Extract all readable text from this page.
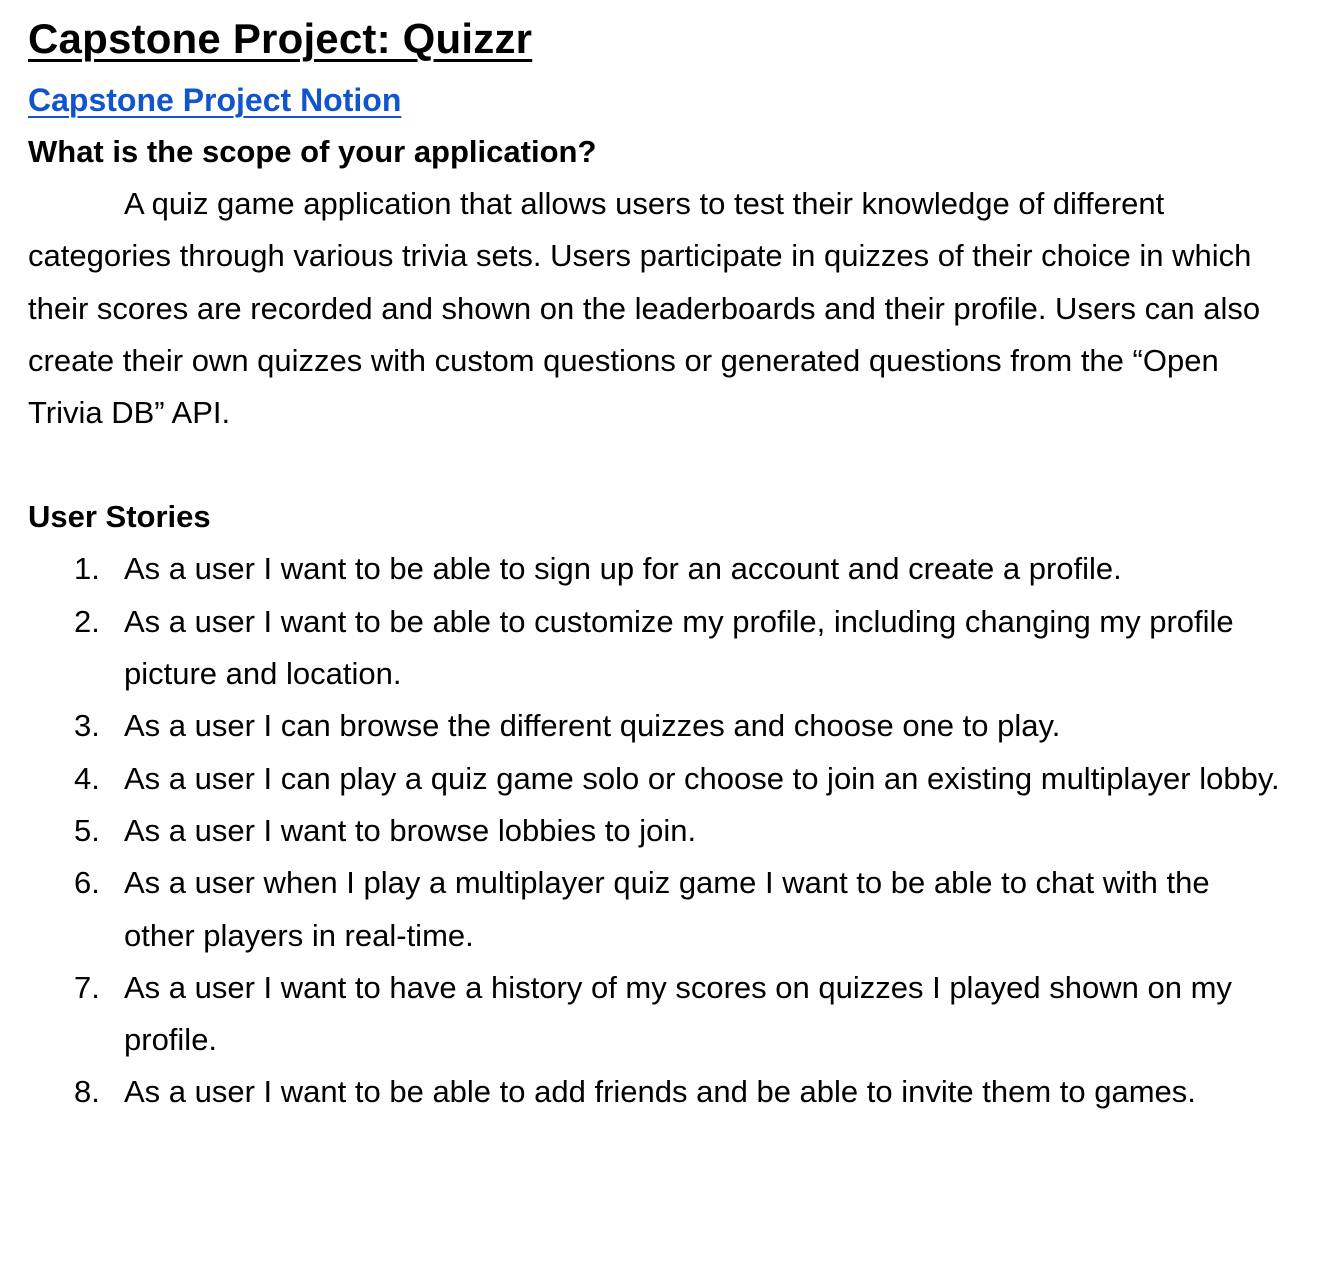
Capstone Project: Quizzr
Capstone Project Notion
What is the scope of your application?

A quiz game application that allows users to test their knowledge of different categories through various trivia sets. Users participate in quizzes of their choice in which their scores are recorded and shown on the leaderboards and their profile. Users can also create their own quizzes with custom questions or generated questions from the “Open Trivia DB” API.

User Stories
1. As a user I want to be able to sign up for an account and create a profile.
2. As a user I want to be able to customize my profile, including changing my profile picture and location.
3. As a user I can browse the different quizzes and choose one to play.
4. As a user I can play a quiz game solo or choose to join an existing multiplayer lobby.
5. As a user I want to browse lobbies to join.
6. As a user when I play a multiplayer quiz game I want to be able to chat with the other players in real-time.
7. As a user I want to have a history of my scores on quizzes I played shown on my profile.
8. As a user I want to be able to add friends and be able to invite them to games.
